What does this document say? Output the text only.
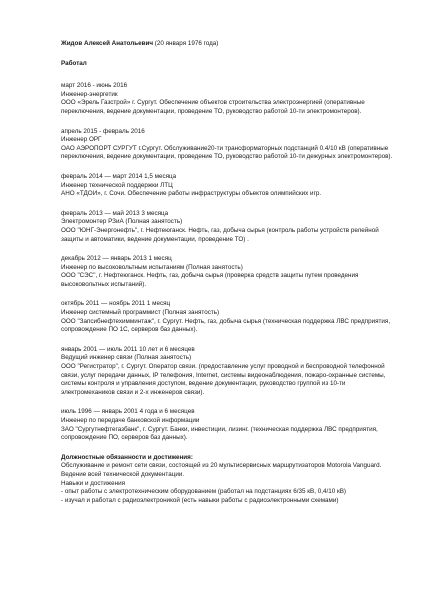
Жидов Алексей Анатольевич (20 января 1976 года)
Работал
март 2016 - июнь 2016
Инженер-энергетик
ООО «Эрель Газстрой» г. Сургут. Обеспечение объектов строительства электроэнергией (оперативные переключения, ведение документации, проведение ТО, руководство работой 10-ти электромонтеров).
апрель 2015 - февраль 2016
Инженер ОРГ
ОАО АЭРОПОРТ СУРГУТ г.Сургут. Обслуживание20-ти трансформаторных подстанций 0.4/10 кВ (оперативные переключения, ведение документации, проведение ТО, руководство работой 10-ти дежурных электромонтеров).
февраль 2014 — март 2014 1,5 месяца
Инженер технической поддержки ЛТЦ
АНО «ТДОИ», г. Сочи. Обеспечение работы инфраструктуры объектов олимпийских игр.
февраль 2013 — май 2013 3 месяца
Электромонтер РЗиА (Полная занятость)
ООО "ЮНГ-Энергонефть", г. Нефтеюганск. Нефть, газ, добыча сырья (контроль работы устройств релейной защиты и автоматики, ведение документации, проведение ТО) .
декабрь 2012 — январь 2013 1 месяц
Инженер по высоковольтным испытаниям (Полная занятость)
ООО "СЭС", г. Нефтеюганск. Нефть, газ, добыча сырья (проверка средств защиты путем проведения высоковольтных испытаний).
октябрь 2011 — ноябрь 2011 1 месяц
Инженер системный программист (Полная занятость)
ООО "Запсибнефтехимминтаж", г. Сургут. Нефть, газ, добыча сырья (техническая поддержка ЛВС предприятия, сопровождение ПО 1С, серверов баз данных).
январь 2001 — июль 2011 10 лет и 6 месяцев
Ведущий инженер связи (Полная занятость)
ООО "Регистратор", г. Сургут. Оператор связи. (предоставление услуг проводной и беспроводной телефонной связи, услуг передачи данных, IP телефония, Internet, системы видеонаблюдения, пожаро-охранные системы, системы контроля и управления доступом, ведение документации, руководство группой из 10-ти электромехаников связи и 2-х инженеров связи).
июль 1996 — январь 2001 4 года и 6 месяцев
Инженер по передаче банковской информации
ЗАО "Сургутнефтегазбанк", г. Сургут. Банки, инвестиции, лизинг. (техническая поддержка ЛВС предприятия, сопровождение ПО, серверов баз данных).
Должностные обязанности и достижения:
Обслуживание и ремонт сети связи, состоящей из 20 мультисервисных маршрутизаторов Motorola Vanguard. Ведение всей технической документации.
Навыки и достижения
- опыт работы с электротехническим оборудованием (работал на подстанциях 6/35 кВ, 0,4/10 кВ)
- изучал и работал с радиоэлектроникой (есть навыки работы с радиоэлектронными схемами)
